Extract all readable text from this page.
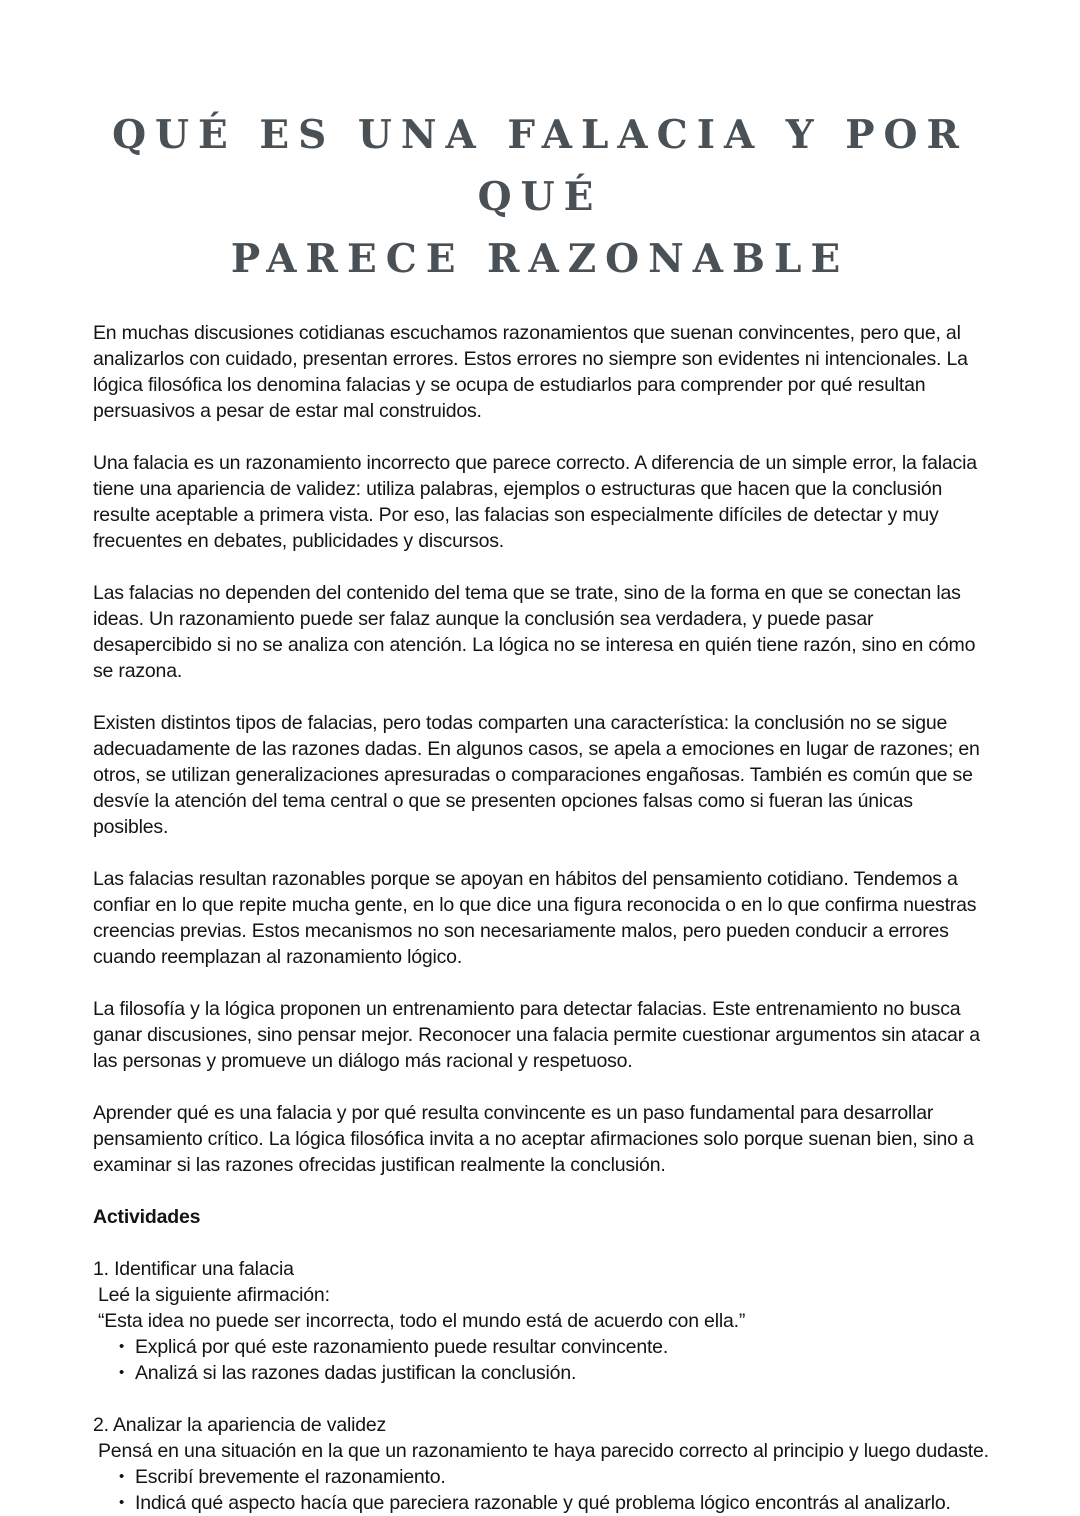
QUÉ ES UNA FALACIA Y POR QUÉ
PARECE RAZONABLE

En muchas discusiones cotidianas escuchamos razonamientos que suenan convincentes, pero que, al analizarlos con cuidado, presentan errores. Estos errores no siempre son evidentes ni intencionales. La lógica filosófica los denomina falacias y se ocupa de estudiarlos para comprender por qué resultan persuasivos a pesar de estar mal construidos.

Una falacia es un razonamiento incorrecto que parece correcto. A diferencia de un simple error, la falacia tiene una apariencia de validez: utiliza palabras, ejemplos o estructuras que hacen que la conclusión resulte aceptable a primera vista. Por eso, las falacias son especialmente difíciles de detectar y muy frecuentes en debates, publicidades y discursos.

Las falacias no dependen del contenido del tema que se trate, sino de la forma en que se conectan las ideas. Un razonamiento puede ser falaz aunque la conclusión sea verdadera, y puede pasar desapercibido si no se analiza con atención. La lógica no se interesa en quién tiene razón, sino en cómo se razona.

Existen distintos tipos de falacias, pero todas comparten una característica: la conclusión no se sigue adecuadamente de las razones dadas. En algunos casos, se apela a emociones en lugar de razones; en otros, se utilizan generalizaciones apresuradas o comparaciones engañosas. También es común que se desvíe la atención del tema central o que se presenten opciones falsas como si fueran las únicas posibles.

Las falacias resultan razonables porque se apoyan en hábitos del pensamiento cotidiano. Tendemos a confiar en lo que repite mucha gente, en lo que dice una figura reconocida o en lo que confirma nuestras creencias previas. Estos mecanismos no son necesariamente malos, pero pueden conducir a errores cuando reemplazan al razonamiento lógico.

La filosofía y la lógica proponen un entrenamiento para detectar falacias. Este entrenamiento no busca ganar discusiones, sino pensar mejor. Reconocer una falacia permite cuestionar argumentos sin atacar a las personas y promueve un diálogo más racional y respetuoso.

Aprender qué es una falacia y por qué resulta convincente es un paso fundamental para desarrollar pensamiento crítico. La lógica filosófica invita a no aceptar afirmaciones solo porque suenan bien, sino a examinar si las razones ofrecidas justifican realmente la conclusión.

Actividades
1. Identificar una falacia
Leé la siguiente afirmación:
“Esta idea no puede ser incorrecta, todo el mundo está de acuerdo con ella.”
• Explicá por qué este razonamiento puede resultar convincente.
• Analizá si las razones dadas justifican la conclusión.
2. Analizar la apariencia de validez
Pensá en una situación en la que un razonamiento te haya parecido correcto al principio y luego dudaste.
• Escribí brevemente el razonamiento.
• Indicá qué aspecto hacía que pareciera razonable y qué problema lógico encontrás al analizarlo.
